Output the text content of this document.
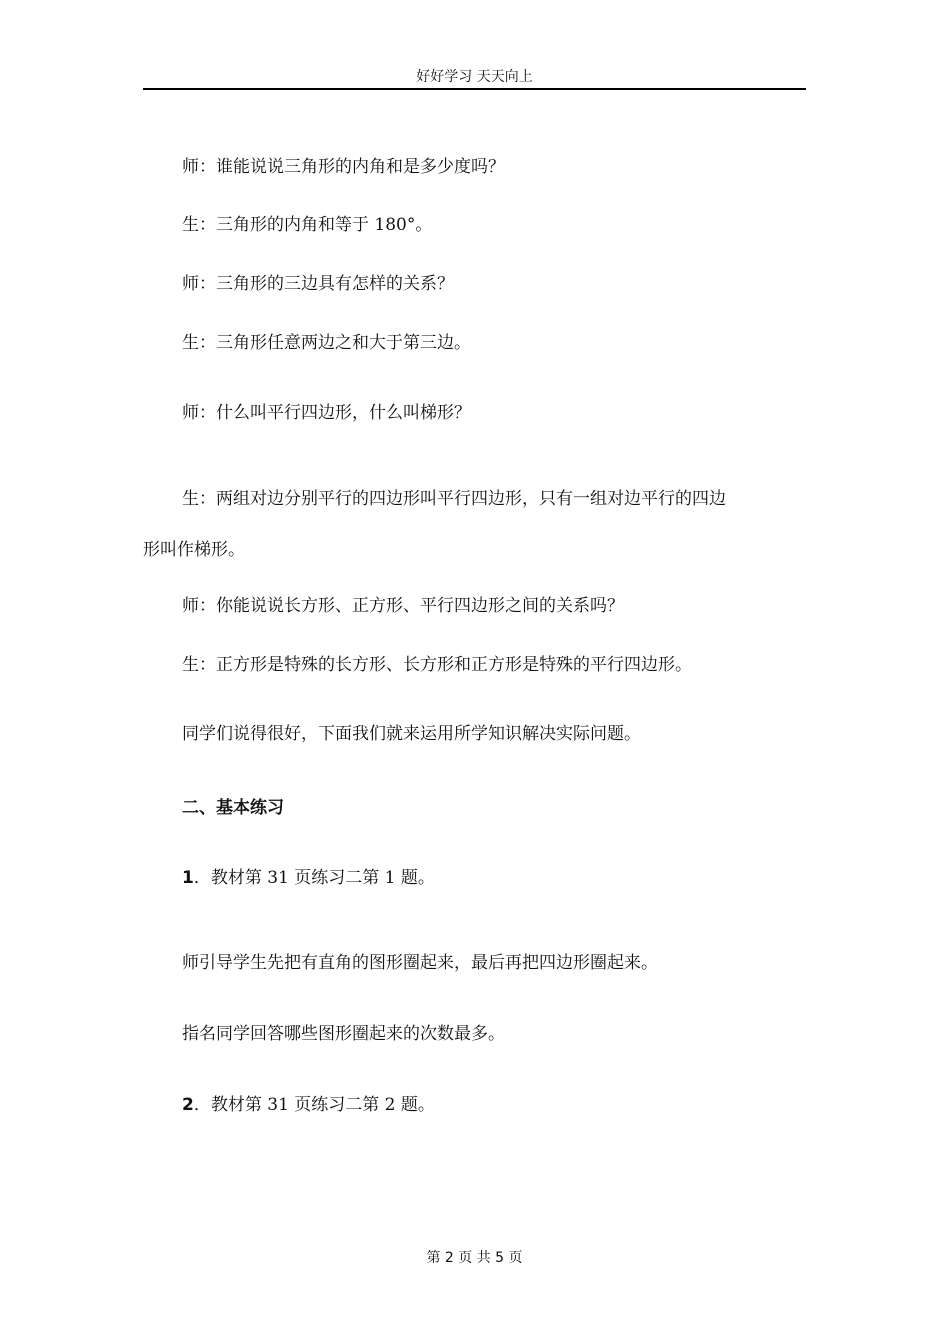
好好学习 天天向上
师：谁能说说三角形的内角和是多少度吗？
生：三角形的内角和等于 180°。
师：三角形的三边具有怎样的关系？
生：三角形任意两边之和大于第三边。
师：什么叫平行四边形，什么叫梯形？
生：两组对边分别平行的四边形叫平行四边形，只有一组对边平行的四边
形叫作梯形。
师：你能说说长方形、正方形、平行四边形之间的关系吗？
生：正方形是特殊的长方形、长方形和正方形是特殊的平行四边形。
同学们说得很好，下面我们就来运用所学知识解决实际问题。
二、基本练习
1．教材第 31 页练习二第 1 题。
师引导学生先把有直角的图形圈起来，最后再把四边形圈起来。
指名同学回答哪些图形圈起来的次数最多。
2．教材第 31 页练习二第 2 题。
第 2 页 共 5 页
